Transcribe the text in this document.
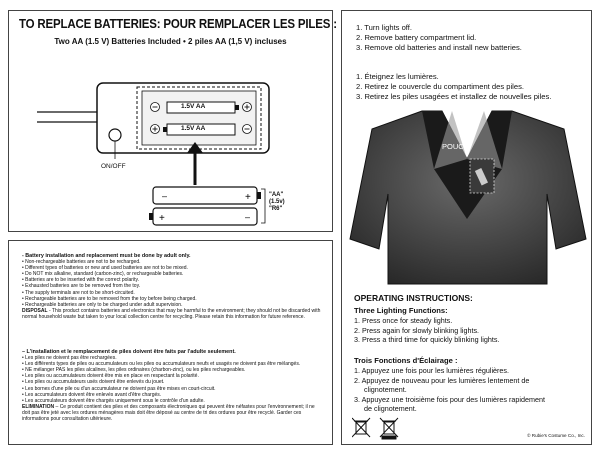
TO REPLACE BATTERIES: POUR REMPLACER LES PILES :
Two AA (1.5 V) Batteries Included • 2 piles AA (1,5 V) incluses
–	+
+	–
1.5V AA
1.5V AA
ON/OFF
"AA"
(1.5v)
"R6"
- Battery installation and replacement must be done by adult only.
• Non-rechargeable batteries are not to be recharged.
• Different types of batteries or new and used batteries are not to be mixed.
• Do NOT mix alkaline, standard (carbon-zinc), or rechargeable batteries.
• Batteries are to be inserted with the correct polarity.
• Exhausted batteries are to be removed from the toy.
• The supply terminals are not to be short-circuited.
• Rechargeable batteries are to be removed from the toy before being charged.
• Rechargeable batteries are only to be charged under adult supervision.
DISPOSAL - This product contains batteries and electronics that may be harmful to the environment; they should not be discarded with normal household waste but taken to your local collection centre for recycling. Please retain this information for future reference.
– L'installation et le remplacement de piles doivent être faits par l'adulte seulement.
• Les piles ne doivent pas être rechargées.
• Les différents types de piles ou accumulateurs ou les piles ou accumulateurs neufs et usagés ne doivent pas être mélangés.
• NE mélanger PAS les piles alcalines, les piles ordinaires (charbon-zinc), ou les piles rechargeables.
• Les piles ou accumulateurs doivent être mis en place en respectant la polarité.
• Les piles ou accumulateurs usés doivent être enlevés du jouet.
• Les bornes d'une pile ou d'un accumulateur ne doivent pas être mises en court-circuit.
• Les accumulateurs doivent être enlevés avant d'être chargés.
• Les accumulateurs doivent être chargés uniquement sous le contrôle d'un adulte.
ELIMINATION – Ce produit contient des piles et des composants électroniques qui peuvent être néfastes pour l'environnement; il ne doit pas être jeté avec les ordures ménagères mais doit être déposé au centre de tri des ordures pour être recyclé. Garder ces informations pour consultation ultérieure.
1. Turn lights off.
2. Remove battery compartment lid.
3. Remove old batteries and install new batteries.
1. Éteignez les lumières.
2. Retirez le couvercle du compartiment des piles.
3. Retirez les piles usagées et installez de nouvelles piles.
POUCH
OPERATING INSTRUCTIONS:
Three Lighting Functions:
1. Press once for steady lights.
2. Press again for slowly blinking lights.
3. Press a third time for quickly blinking lights.
Trois Fonctions d'Éclairage :
1. Appuyez une fois pour les lumières régulières.
2. Appuyez de nouveau pour les lumières lentement de
clignotement.
3. Appuyez une troisième fois pour des lumières rapidement
de clignotement.
© Rubie's Costume Co., Inc.
